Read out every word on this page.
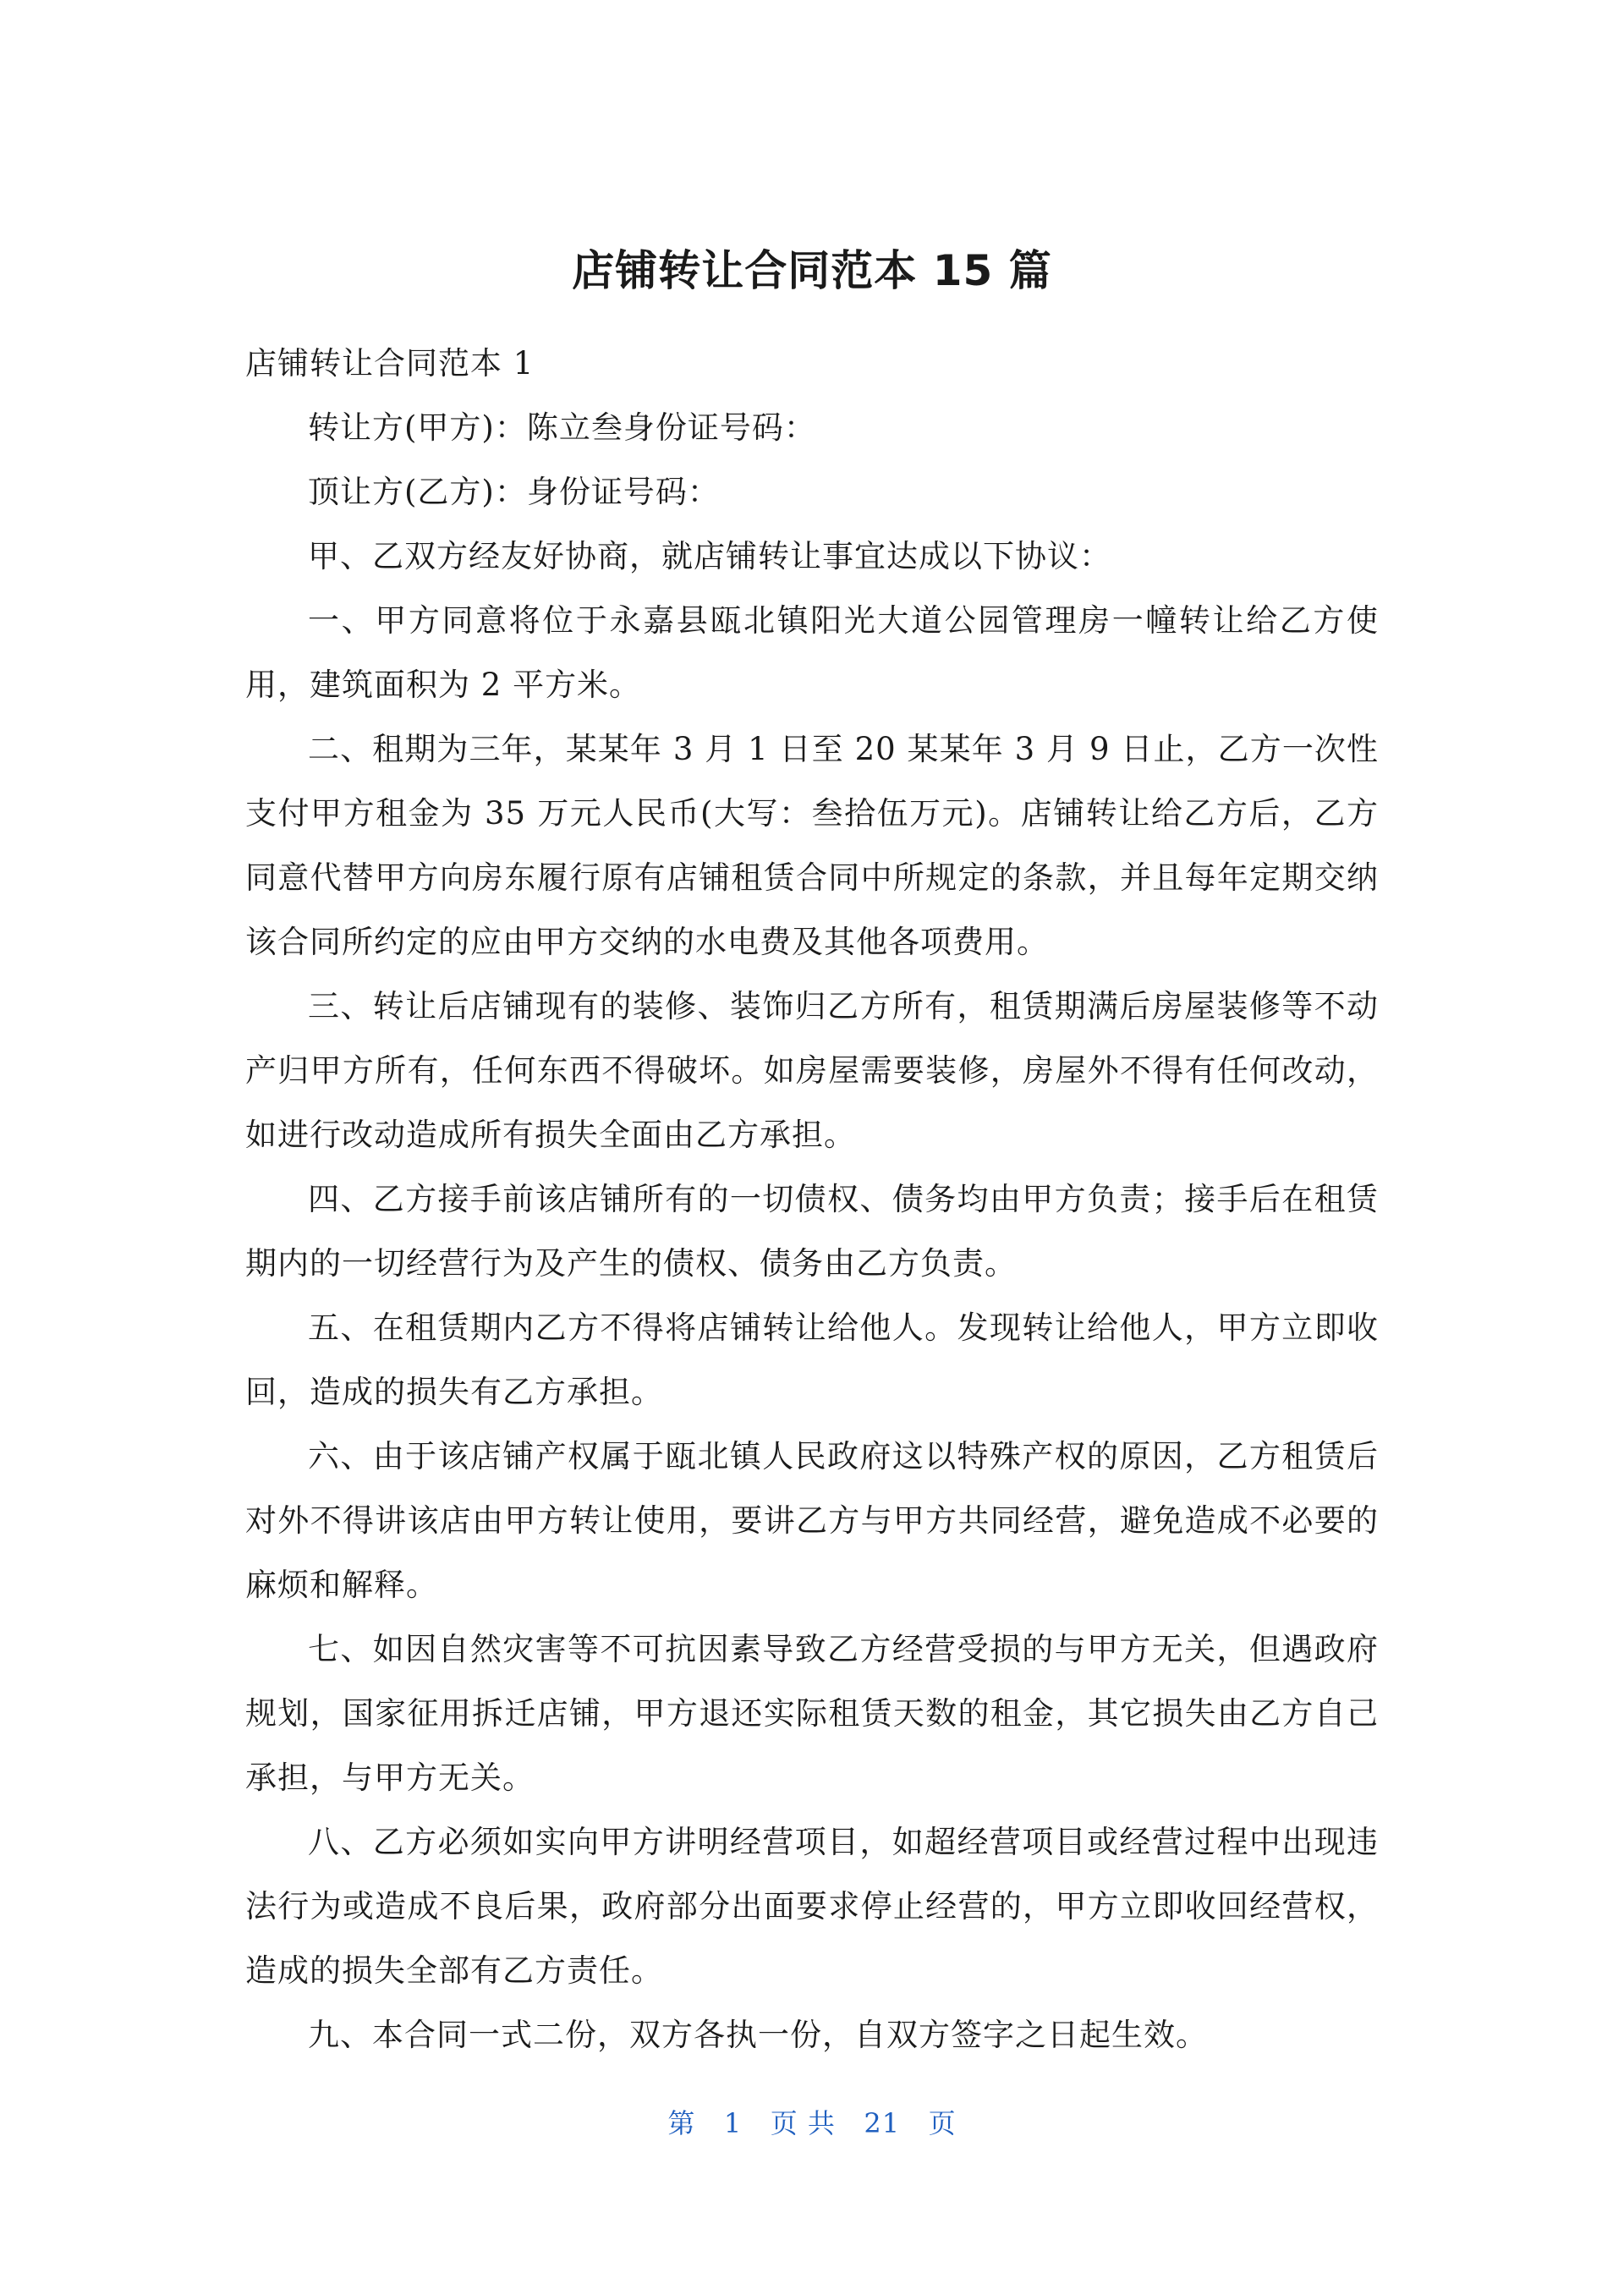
店铺转让合同范本 15 篇

店铺转让合同范本 1

转让方(甲方)：陈立叁身份证号码：

顶让方(乙方)：身份证号码：

甲、乙双方经友好协商，就店铺转让事宜达成以下协议：

一、甲方同意将位于永嘉县瓯北镇阳光大道公园管理房一幢转让给乙方使用，建筑面积为 2 平方米。

二、租期为三年，某某年 3 月 1 日至 20 某某年 3 月 9 日止，乙方一次性支付甲方租金为 35 万元人民币(大写：叁拾伍万元)。店铺转让给乙方后，乙方同意代替甲方向房东履行原有店铺租赁合同中所规定的条款，并且每年定期交纳该合同所约定的应由甲方交纳的水电费及其他各项费用。

三、转让后店铺现有的装修、装饰归乙方所有，租赁期满后房屋装修等不动产归甲方所有，任何东西不得破坏。如房屋需要装修，房屋外不得有任何改动，如进行改动造成所有损失全面由乙方承担。

四、乙方接手前该店铺所有的一切债权、债务均由甲方负责；接手后在租赁期内的一切经营行为及产生的债权、债务由乙方负责。

五、在租赁期内乙方不得将店铺转让给他人。发现转让给他人，甲方立即收回，造成的损失有乙方承担。

六、由于该店铺产权属于瓯北镇人民政府这以特殊产权的原因，乙方租赁后对外不得讲该店由甲方转让使用，要讲乙方与甲方共同经营，避免造成不必要的麻烦和解释。

七、如因自然灾害等不可抗因素导致乙方经营受损的与甲方无关，但遇政府规划，国家征用拆迁店铺，甲方退还实际租赁天数的租金，其它损失由乙方自己承担，与甲方无关。

八、乙方必须如实向甲方讲明经营项目，如超经营项目或经营过程中出现违法行为或造成不良后果，政府部分出面要求停止经营的，甲方立即收回经营权，造成的损失全部有乙方责任。

九、本合同一式二份，双方各执一份，自双方签字之日起生效。

第 1 页 共 21 页
